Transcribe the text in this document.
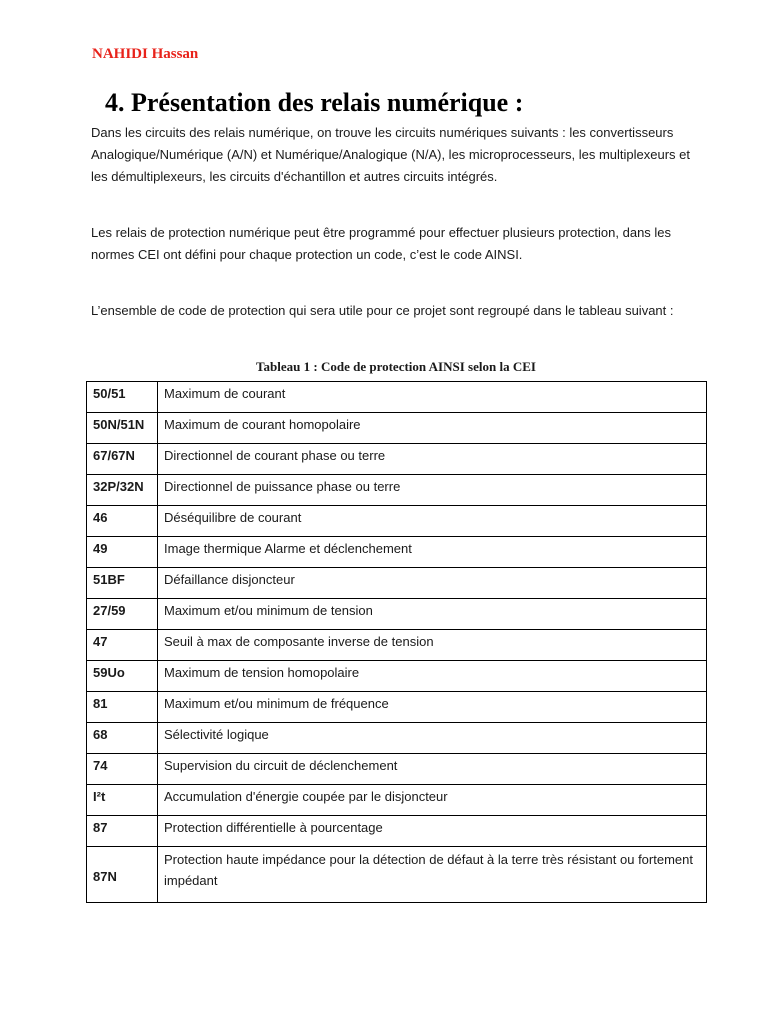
NAHIDI Hassan

4. Présentation des relais numérique :

Dans les circuits des relais numérique, on trouve les circuits numériques suivants : les convertisseurs Analogique/Numérique (A/N) et Numérique/Analogique (N/A), les microprocesseurs, les multiplexeurs et les démultiplexeurs, les circuits d'échantillon et autres circuits intégrés.

Les relais de protection numérique peut être programmé pour effectuer plusieurs protection, dans les normes CEI ont défini pour chaque protection un code, c’est le code AINSI.

L’ensemble de code de protection qui sera utile pour ce projet sont regroupé dans le tableau suivant :

Tableau 1 : Code de protection AINSI selon la CEI

50/51	Maximum de courant
50N/51N	Maximum de courant homopolaire
67/67N	Directionnel de courant phase ou terre
32P/32N	Directionnel de puissance phase ou terre
46	Déséquilibre de courant
49	Image thermique Alarme et déclenchement
51BF	Défaillance disjoncteur
27/59	Maximum et/ou minimum de tension
47	Seuil à max de composante inverse de tension
59Uo	Maximum de tension homopolaire
81	Maximum et/ou minimum de fréquence
68	Sélectivité logique
74	Supervision du circuit de déclenchement
I²t	Accumulation d'énergie coupée par le disjoncteur
87	Protection différentielle à pourcentage
87N	Protection haute impédance pour la détection de défaut à la terre très résistant ou fortement impédant
